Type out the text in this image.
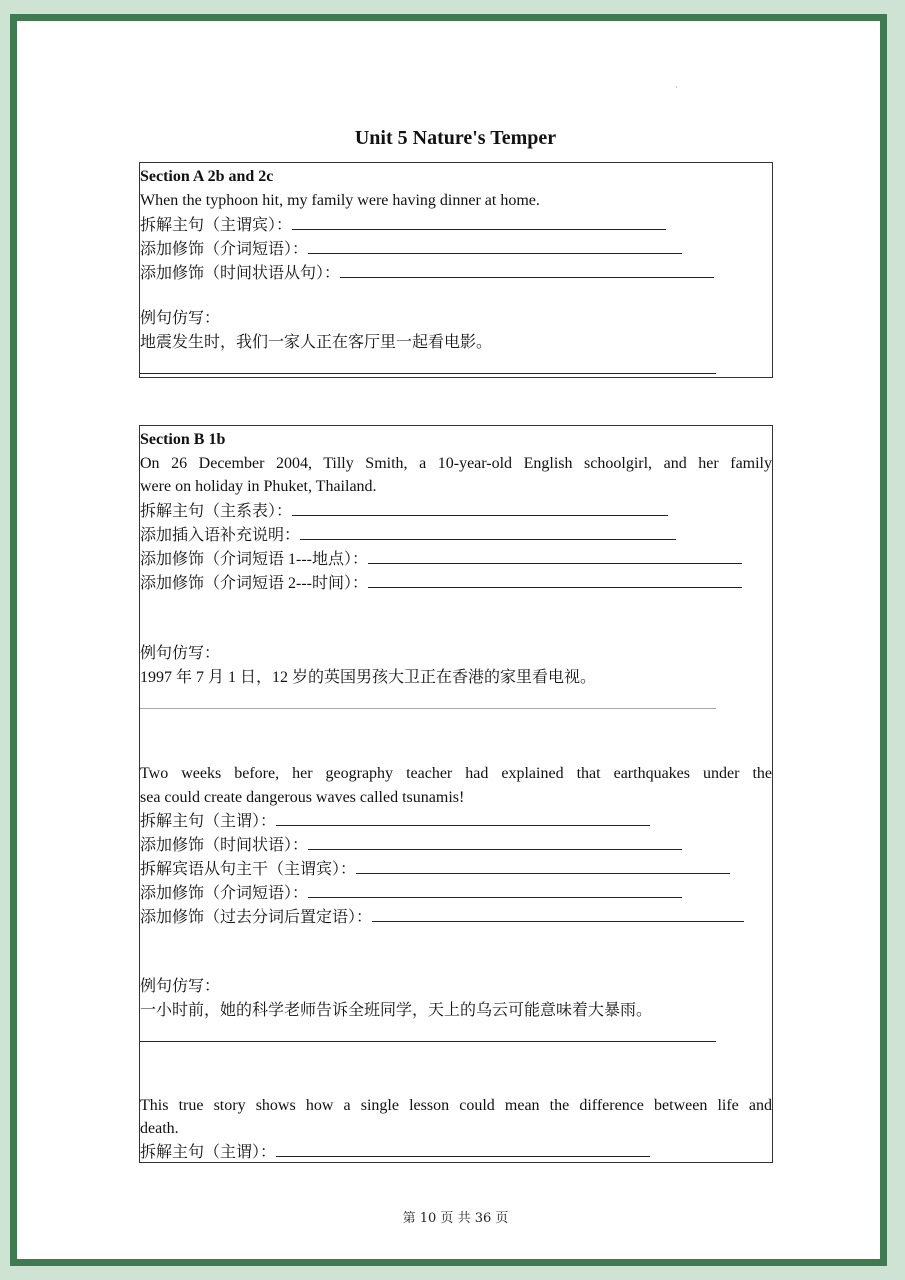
·
Unit 5 Nature's Temper
Section A 2b and 2c
When the typhoon hit, my family were having dinner at home.
拆解主句（主谓宾）：
添加修饰（介词短语）：
添加修饰（时间状语从句）：
例句仿写：
地震发生时，我们一家人正在客厅里一起看电影。
Section B 1b
On 26 December 2004, Tilly Smith, a 10-year-old English schoolgirl, and her family
were on holiday in Phuket, Thailand.
拆解主句（主系表）：
添加插入语补充说明：
添加修饰（介词短语 1---地点）：
添加修饰（介词短语 2---时间）：
例句仿写：
1997 年 7 月 1 日，12 岁的英国男孩大卫正在香港的家里看电视。
Two weeks before, her geography teacher had explained that earthquakes under the
sea could create dangerous waves called tsunamis!
拆解主句（主谓）：
添加修饰（时间状语）：
拆解宾语从句主干（主谓宾）：
添加修饰（介词短语）：
添加修饰（过去分词后置定语）：
例句仿写：
一小时前，她的科学老师告诉全班同学，天上的乌云可能意味着大暴雨。
This true story shows how a single lesson could mean the difference between life and
death.
拆解主句（主谓）：
第 10 页 共 36 页
